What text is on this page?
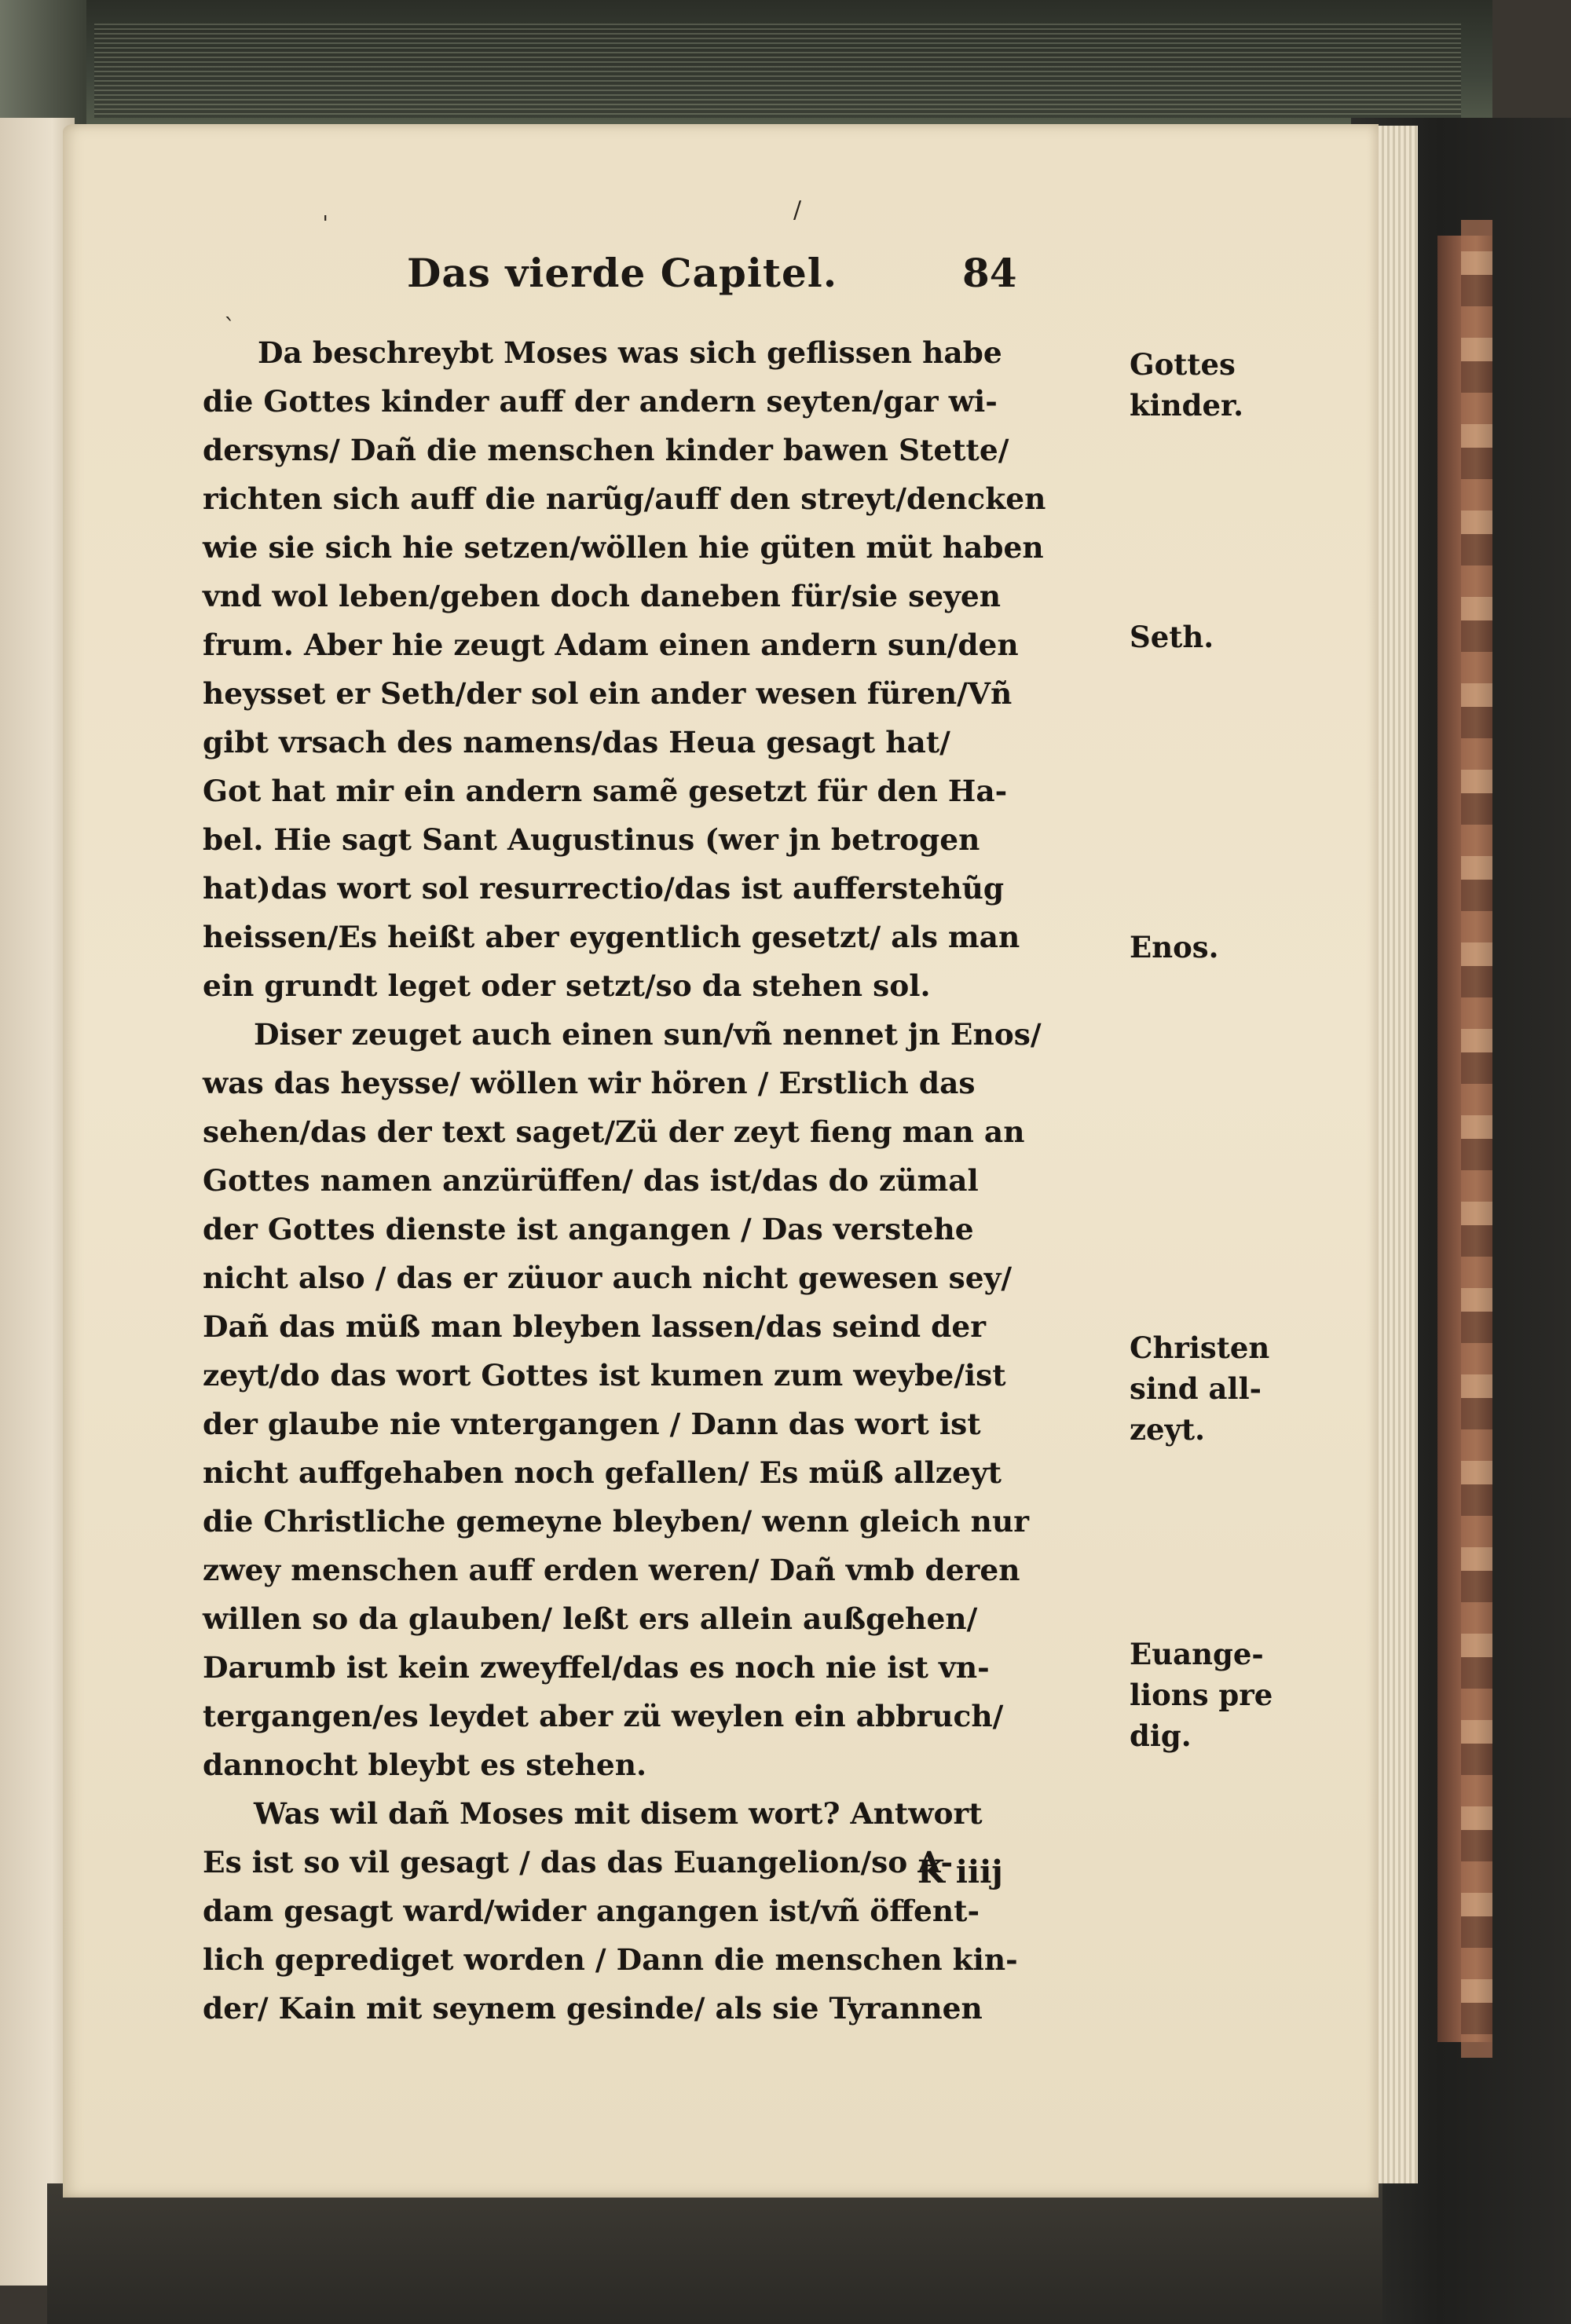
ˈ
/
ˋ
Das vierde Capitel.	84
Da beschreybt Moses was sich geflissen habe
die Gottes kinder auff der andern seyten/gar wi-
dersyns/ Dañ die menschen kinder bawen Stette/
richten sich auff die narũg/auff den streyt/dencken
wie sie sich hie setzen/wöllen hie güten müt haben
vnd wol leben/geben doch daneben für/sie seyen
frum. Aber hie zeugt Adam einen andern sun/den
heysset er Seth/der sol ein ander wesen füren/Vñ
gibt vrsach des namens/das Heua gesagt hat/
Got hat mir ein andern samẽ gesetzt für den Ha-
bel. Hie sagt Sant Augustinus (wer jn betrogen
hat)das wort sol resurrectio/das ist aufferstehũg
heissen/Es heißt aber eygentlich gesetzt/ als man
ein grundt leget oder setzt/so da stehen sol.
Diser zeuget auch einen sun/vñ nennet jn Enos/
was das heysse/ wöllen wir hören / Erstlich das
sehen/das der text saget/Zü der zeyt fieng man an
Gottes namen anzürüffen/ das ist/das do zümal
der Gottes dienste ist angangen / Das verstehe
nicht also / das er züuor auch nicht gewesen sey/
Dañ das müß man bleyben lassen/das seind der
zeyt/do das wort Gottes ist kumen zum weybe/ist
der glaube nie vntergangen / Dann das wort ist
nicht auffgehaben noch gefallen/ Es müß allzeyt
die Christliche gemeyne bleyben/ wenn gleich nur
zwey menschen auff erden weren/ Dañ vmb deren
willen so da glauben/ leßt ers allein außgehen/
Darumb ist kein zweyffel/das es noch nie ist vn-
tergangen/es leydet aber zü weylen ein abbruch/
dannocht bleybt es stehen.
Was wil dañ Moses mit disem wort? Antwort
Es ist so vil gesagt / das das Euangelion/so A-
dam gesagt ward/wider angangen ist/vñ öffent-
lich geprediget worden / Dann die menschen kin-
der/ Kain mit seynem gesinde/ als sie Tyrannen
Gottes
kinder.
Seth.
Enos.
Christen
sind all-
zeyt.
Euange-
lions pre
dig.
K iiij
